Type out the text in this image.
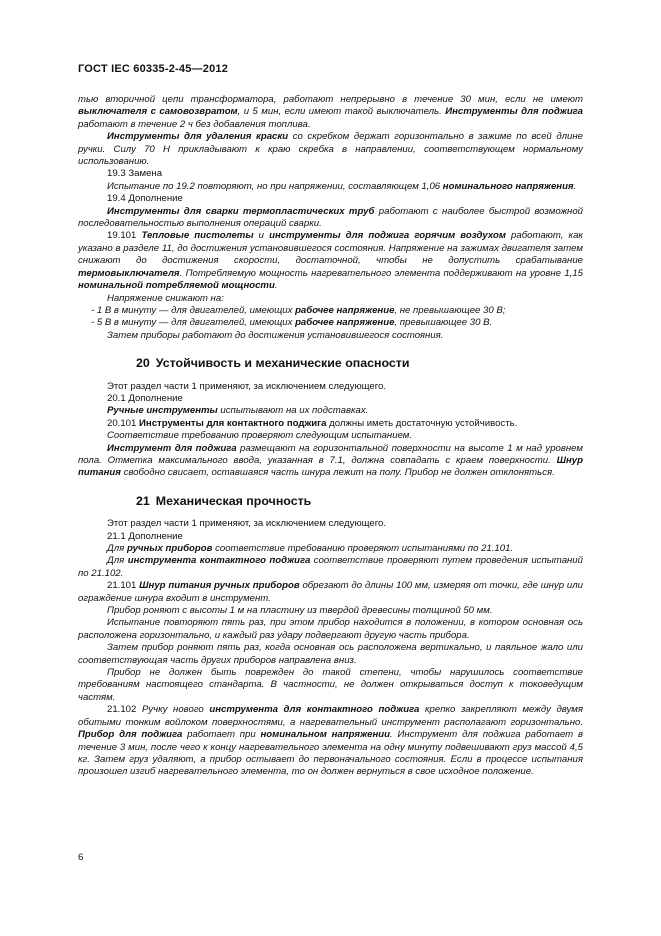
ГОСТ IEC 60335-2-45—2012

тью вторичной цепи трансформатора, работают непрерывно в течение 30 мин, если не имеют выключателя с самовозвратом, и 5 мин, если имеют такой выключатель. Инструменты для поджига работают в течение 2 ч без добавления топлива.

Инструменты для удаления краски со скребком держат горизонтально в зажиме по всей длине ручки. Силу 70 Н прикладывают к краю скребка в направлении, соответствующем нормальному использованию.

19.3 Замена

Испытание по 19.2 повторяют, но при напряжении, составляющем 1,06 номинального напряжения.

19.4 Дополнение

Инструменты для сварки термопластических труб работают с наиболее быстрой возможной последовательностью выполнения операций сварки.

19.101 Тепловые пистолеты и инструменты для поджига горячим воздухом работают, как указано в разделе 11, до достижения установившегося состояния. Напряжение на зажимах двигателя затем снижают до достижения скорости, достаточной, чтобы не допустить срабатывание термовыключателя. Потребляемую мощность нагревательного элемента поддерживают на уровне 1,15 номинальной потребляемой мощности.

Напряжение снижают на:

- 1 В в минуту — для двигателей, имеющих рабочее напряжение, не превышающее 30 В;

- 5 В в минуту — для двигателей, имеющих рабочее напряжение, превышающее 30 В.

Затем приборы работают до достижения установившегося состояния.

20 Устойчивость и механические опасности

Этот раздел части 1 применяют, за исключением следующего.

20.1 Дополнение

Ручные инструменты испытывают на их подставках.

20.101 Инструменты для контактного поджига должны иметь достаточную устойчивость.

Соответствие требованию проверяют следующим испытанием.

Инструмент для поджига размещают на горизонтальной поверхности на высоте 1 м над уровнем пола. Отметка максимального ввода, указанная в 7.1, должна совпадать с краем поверхности. Шнур питания свободно свисает, оставшаяся часть шнура лежит на полу. Прибор не должен отклоняться.

21 Механическая прочность

Этот раздел части 1 применяют, за исключением следующего.

21.1 Дополнение

Для ручных приборов соответствие требованию проверяют испытаниями по 21.101.

Для инструмента контактного поджига соответствие проверяют путем проведения испытаний по 21.102.

21.101 Шнур питания ручных приборов обрезают до длины 100 мм, измеряя от точки, где шнур или ограждение шнура входит в инструмент.

Прибор роняют с высоты 1 м на пластину из твердой древесины толщиной 50 мм.

Испытание повторяют пять раз, при этом прибор находится в положении, в котором основная ось расположена горизонтально, и каждый раз удару подвергают другую часть прибора.

Затем прибор роняют пять раз, когда основная ось расположена вертикально, и паяльное жало или соответствующая часть других приборов направлена вниз.

Прибор не должен быть поврежден до такой степени, чтобы нарушилось соответствие требованиям настоящего стандарта. В частности, не должен открываться доступ к токоведущим частям.

21.102 Ручку нового инструмента для контактного поджига крепко закрепляют между двумя обитыми тонким войлоком поверхностями, а нагревательный инструмент располагают горизонтально. Прибор для поджига работает при номинальном напряжении. Инструмент для поджига работает в течение 3 мин, после чего к концу нагревательного элемента на одну минуту подвешивают груз массой 4,5 кг. Затем груз удаляют, а прибор остывает до первоначального состояния. Если в процессе испытания произошел изгиб нагревательного элемента, то он должен вернуться в свое исходное положение.

6
